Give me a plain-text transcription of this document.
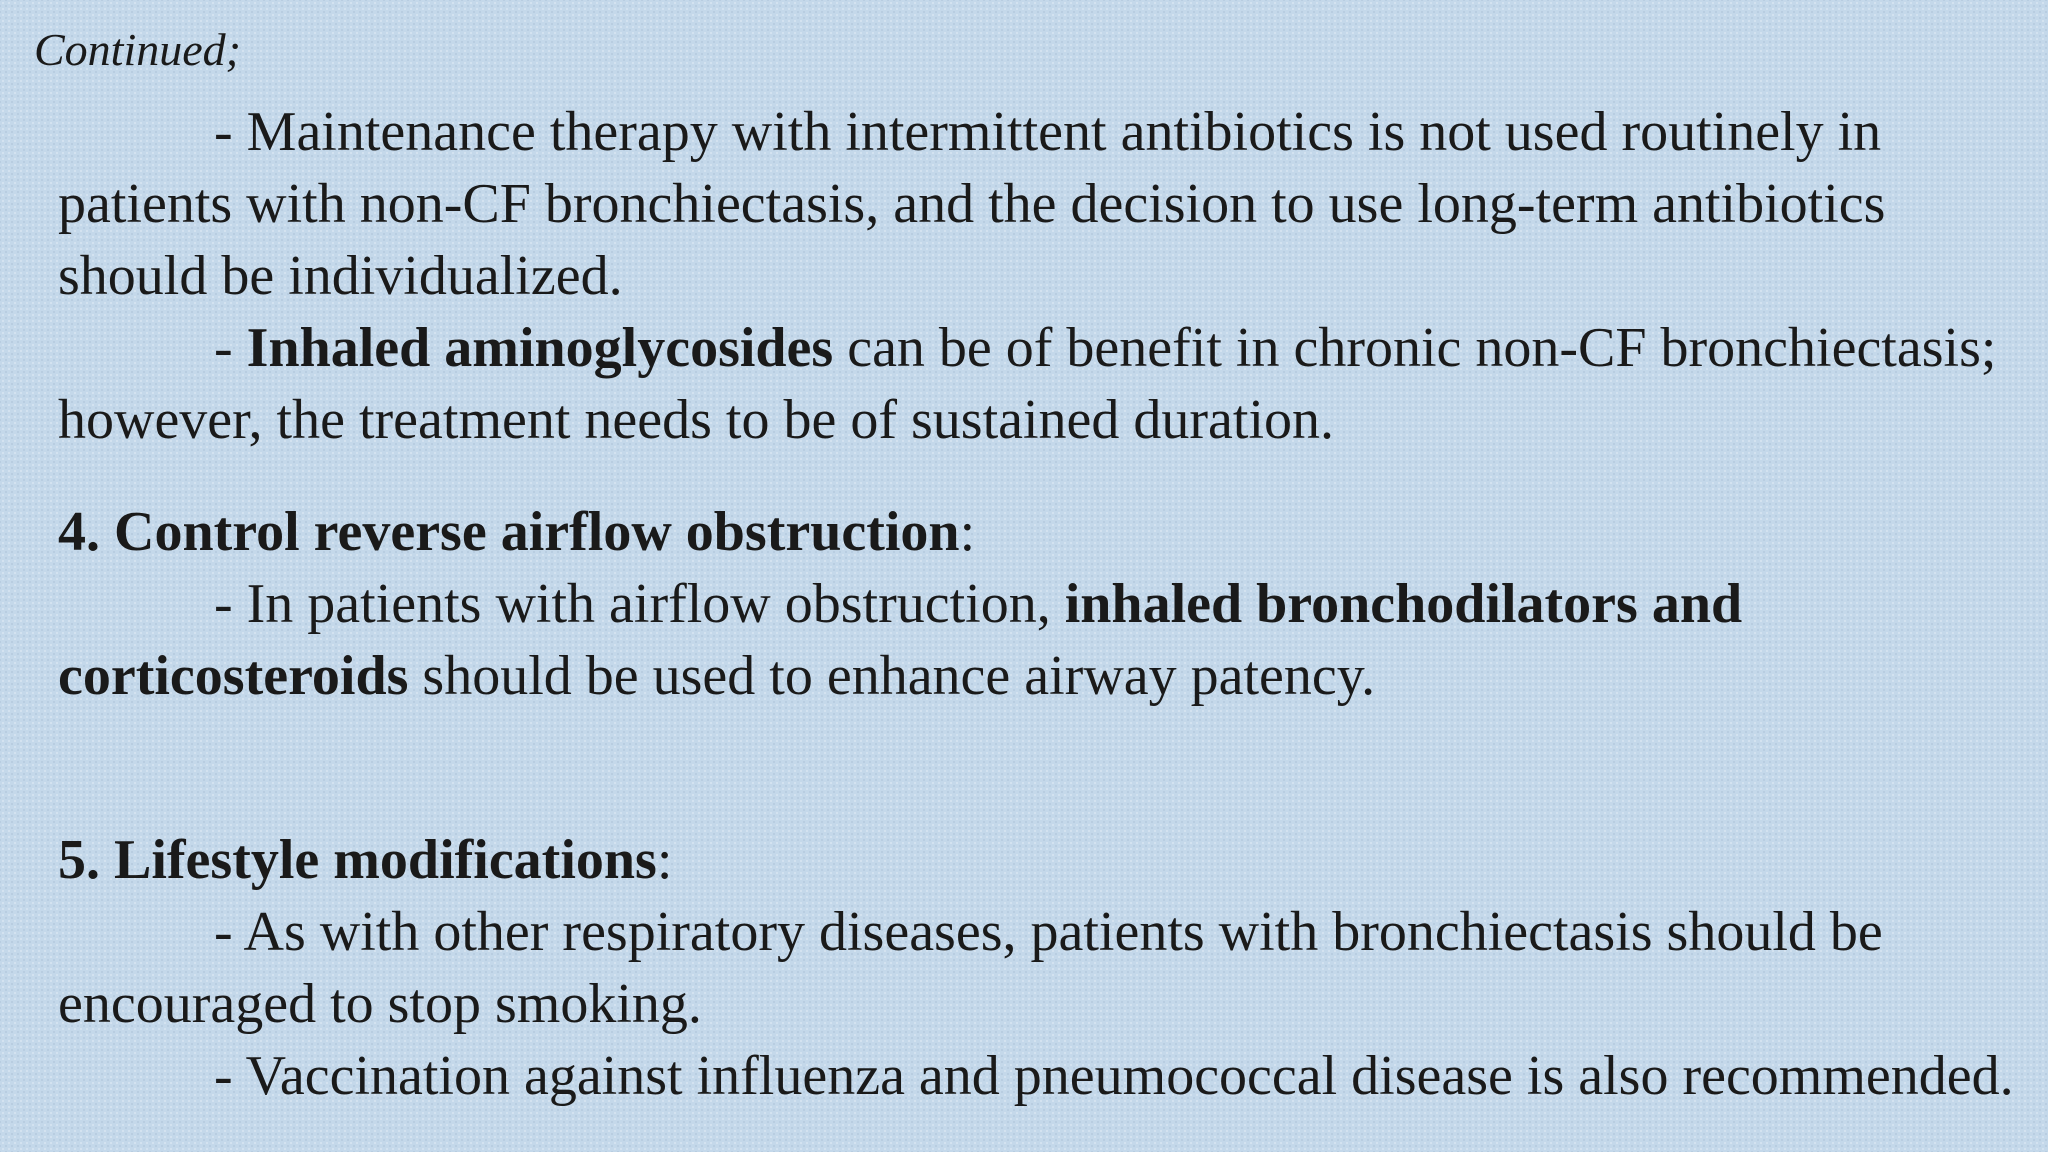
Continued;

- Maintenance therapy with intermittent antibiotics is not used routinely in patients with non-CF bronchiectasis, and the decision to use long-term antibiotics should be individualized.

- Inhaled aminoglycosides can be of benefit in chronic non-CF bronchiectasis; however, the treatment needs to be of sustained duration.

4. Control reverse airflow obstruction:

- In patients with airflow obstruction, inhaled bronchodilators and corticosteroids should be used to enhance airway patency.

5. Lifestyle modifications:

- As with other respiratory diseases, patients with bronchiectasis should be encouraged to stop smoking.

- Vaccination against influenza and pneumococcal disease is also recommended.
